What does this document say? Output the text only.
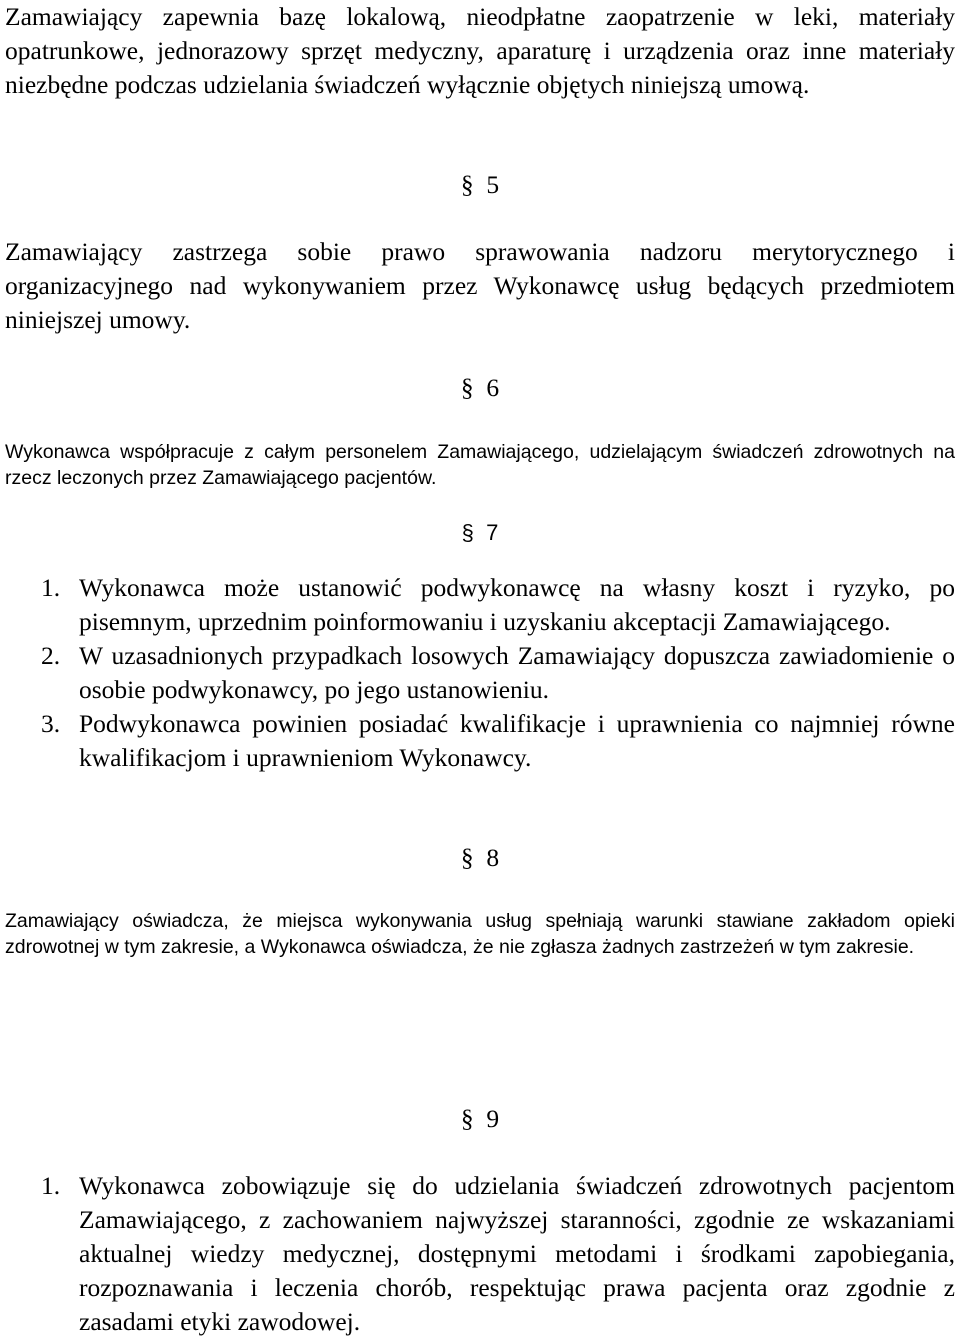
Zamawiający zapewnia bazę lokalową, nieodpłatne zaopatrzenie w leki, materiały opatrunkowe, jednorazowy sprzęt medyczny, aparaturę i urządzenia oraz inne materiały niezbędne podczas udzielania świadczeń wyłącznie objętych niniejszą umową.

§  5

Zamawiający zastrzega sobie prawo sprawowania nadzoru merytorycznego i organizacyjnego nad wykonywaniem przez Wykonawcę usług będących przedmiotem niniejszej umowy.

§  6

Wykonawca współpracuje z całym personelem Zamawiającego, udzielającym świadczeń zdrowotnych na rzecz leczonych przez Zamawiającego pacjentów.

§  7

1. Wykonawca może ustanowić podwykonawcę na własny koszt i ryzyko, po pisemnym, uprzednim poinformowaniu i uzyskaniu akceptacji Zamawiającego.
2. W uzasadnionych przypadkach losowych Zamawiający dopuszcza zawiadomienie o osobie podwykonawcy, po jego ustanowieniu.
3. Podwykonawca powinien posiadać kwalifikacje i uprawnienia co najmniej równe kwalifikacjom i uprawnieniom Wykonawcy.

§  8

Zamawiający oświadcza, że miejsca wykonywania usług spełniają warunki stawiane zakładom opieki zdrowotnej w tym zakresie, a Wykonawca oświadcza, że nie zgłasza żadnych zastrzeżeń w tym zakresie.

§  9

1. Wykonawca zobowiązuje się do udzielania świadczeń zdrowotnych pacjentom Zamawiającego, z zachowaniem najwyższej staranności, zgodnie ze wskazaniami aktualnej wiedzy medycznej, dostępnymi metodami i środkami zapobiegania, rozpoznawania i leczenia chorób, respektując prawa pacjenta oraz zgodnie z zasadami etyki zawodowej.
